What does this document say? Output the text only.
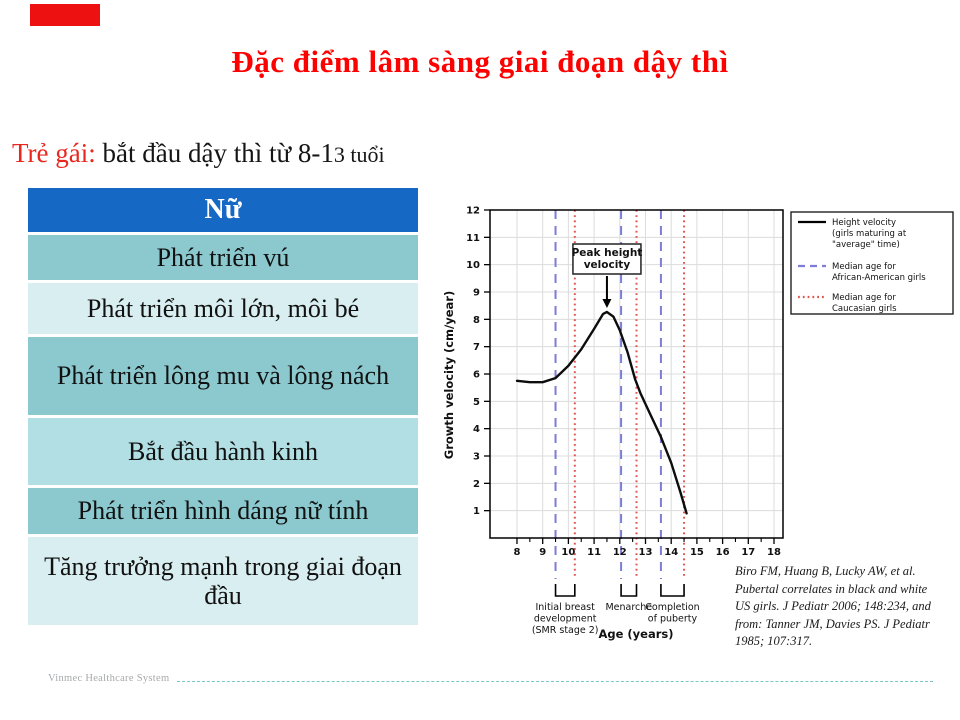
Đặc điểm lâm sàng giai đoạn dậy thì
Trẻ gái: bắt đầu dậy thì từ 8-13 tuổi
Nữ
Phát triển vú
Phát triển môi lớn, môi bé
Phát triển lông mu và lông nách
Bắt đầu hành kinh
Phát triển hình dáng nữ tính
Tăng trưởng mạnh trong giai đoạn đầu
8 9 10 11 12 13 14 15 16 17 18
1
2
3
4
5
6
7
8
9
10
11
12
Age (years)
Growth velocity (cm/year)
Peak height
velocity
Height velocity
(girls maturing at
"average" time)
Median age for
African-American girls
Median age for
Caucasian girls
Initial breast
development
(SMR stage 2)
Menarche
Completion
of puberty
Biro FM, Huang B, Lucky AW, et al.
Pubertal correlates in black and white
US girls. J Pediatr 2006; 148:234, and
from: Tanner JM, Davies PS. J Pediatr
1985; 107:317.
Vinmec Healthcare System
